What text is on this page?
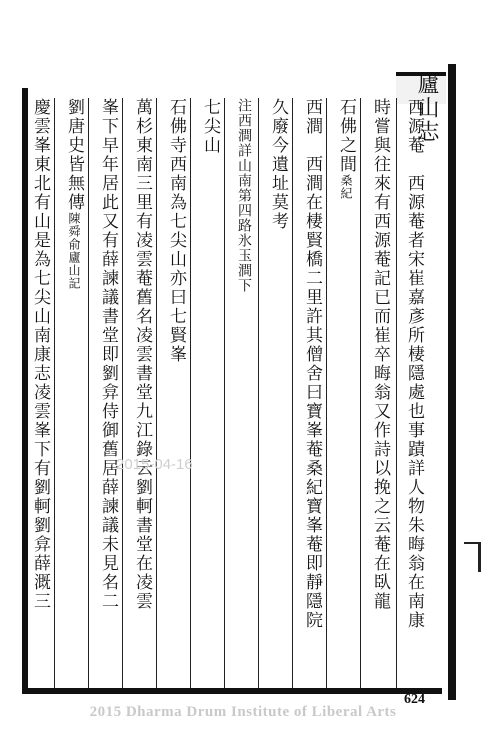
廬山志
西源菴　西源菴者宋崔嘉彥所棲隱處也事蹟詳人物朱晦翁在南康
時嘗與往來有西源菴記已而崔卒晦翁又作詩以挽之云菴在臥龍
石佛之間桑紀
西澗　西澗在棲賢橋二里許其僧舍曰寶峯菴桑紀寶峯菴即靜隱院
久廢今遺址莫考
注西澗詳山南第四路氷玉澗下
七尖山
石佛寺西南為七尖山亦曰七賢峯
萬杉東南三里有凌雲菴舊名凌雲書堂九江錄云劉軻書堂在凌雲
峯下早年居此又有薛諫議書堂即劉弇侍御舊居薛諫議未見名二
劉唐史皆無傳陳舜俞廬山記
慶雲峯東北有山是為七尖山南康志凌雲峯下有劉軻劉弇薛溉三	2015-04-16
624
2015 Dharma Drum Institute of Liberal Arts
